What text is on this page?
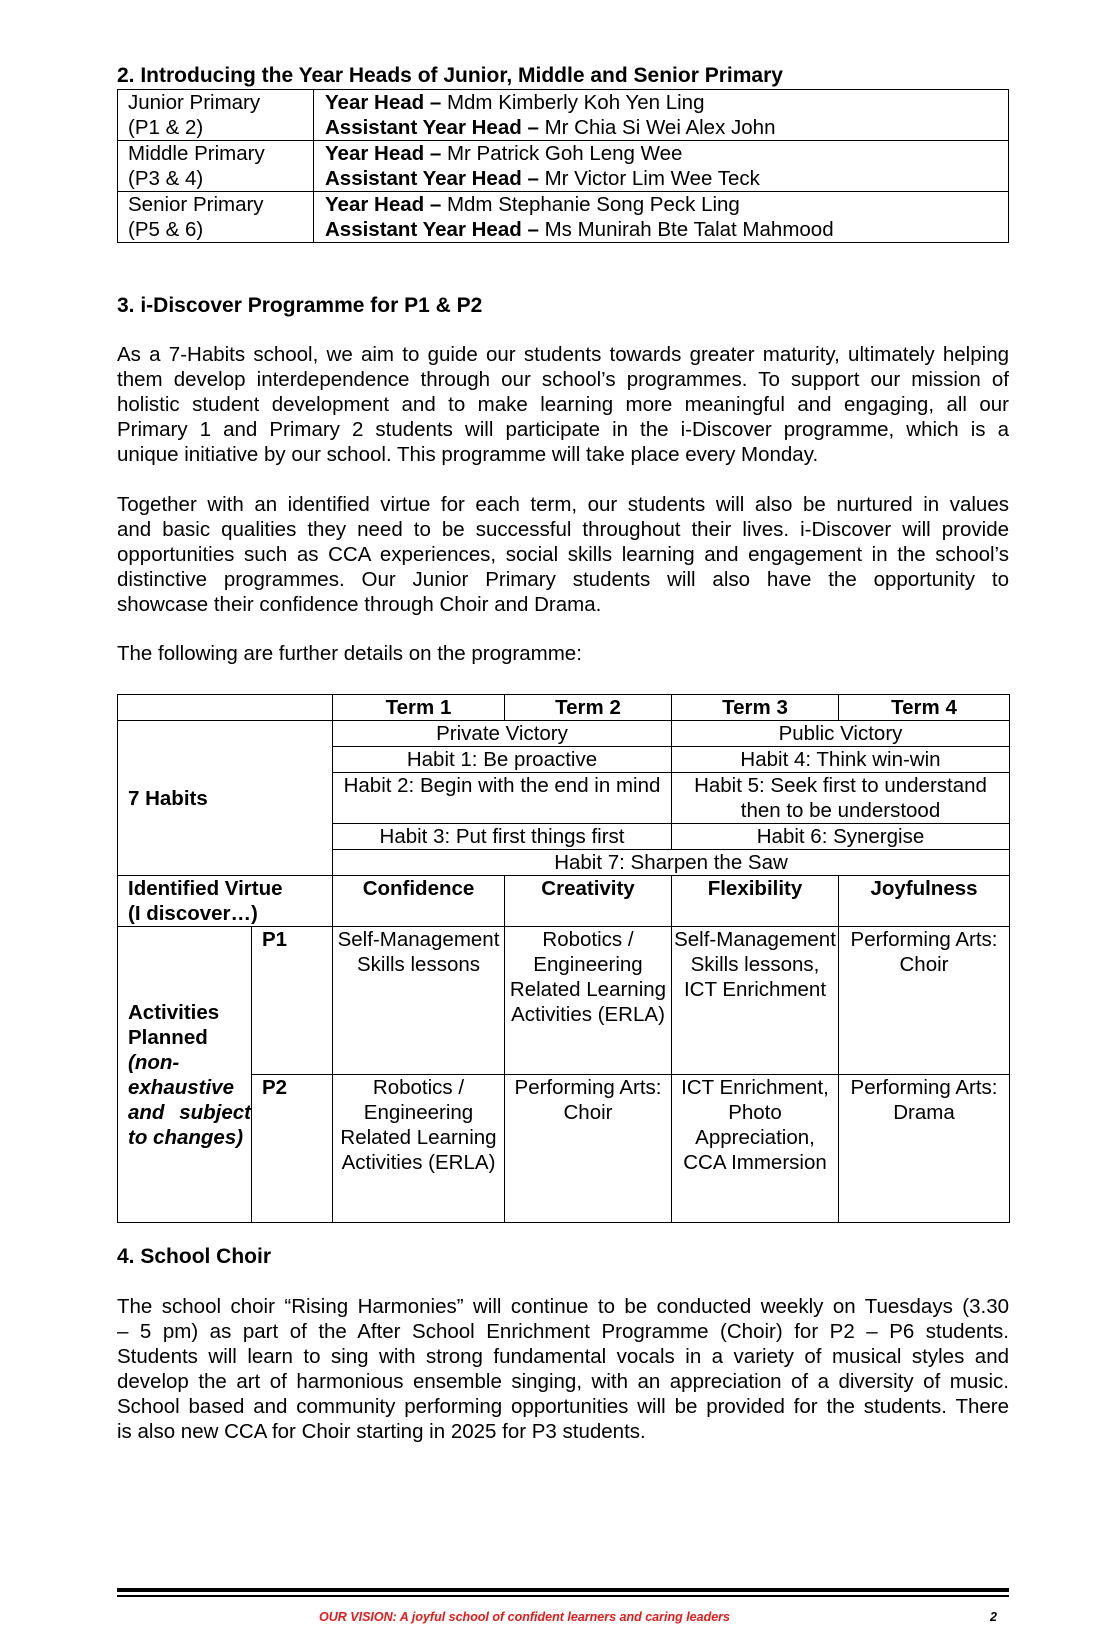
2. Introducing the Year Heads of Junior, Middle and Senior Primary
Junior Primary
(P1 & 2)	Year Head – Mdm Kimberly Koh Yen Ling
Assistant Year Head – Mr Chia Si Wei Alex John

Middle Primary
(P3 & 4)	Year Head – Mr Patrick Goh Leng Wee
Assistant Year Head – Mr Victor Lim Wee Teck

Senior Primary
(P5 & 6)	Year Head – Mdm Stephanie Song Peck Ling
Assistant Year Head – Ms Munirah Bte Talat Mahmood
3. i-Discover Programme for P1 & P2
As a 7-Habits school, we aim to guide our students towards greater maturity, ultimately helping
them develop interdependence through our school’s programmes. To support our mission of
holistic student development and to make learning more meaningful and engaging, all our
Primary 1 and Primary 2 students will participate in the i-Discover programme, which is a
unique initiative by our school. This programme will take place every Monday.
Together with an identified virtue for each term, our students will also be nurtured in values
and basic qualities they need to be successful throughout their lives. i-Discover will provide
opportunities such as CCA experiences, social skills learning and engagement in the school’s
distinctive programmes. Our Junior Primary students will also have the opportunity to
showcase their confidence through Choir and Drama.
The following are further details on the programme:
		Term 1	Term 2	Term 3	Term 4
7 Habits		Private Victory		Public Victory	
		Habit 1: Be proactive		Habit 4: Think win-win	
		Habit 2: Begin with the end in mind		Habit 5: Seek first to understand then to be understood	
		Habit 3: Put first things first		Habit 6: Synergise	
		Habit 7: Sharpen the Saw			

Identified Virtue
(I discover…)		Confidence	Creativity	Flexibility	Joyfulness
Activities Planned (non-exhaustive and subject to changes)	P1	Self-Management Skills lessons	Robotics / Engineering Related Learning Activities (ERLA)	Self-Management Skills lessons, ICT Enrichment	Performing Arts: Choir
	P2	Robotics / Engineering Related Learning Activities (ERLA)	Performing Arts: Choir	ICT Enrichment, Photo Appreciation, CCA Immersion	Performing Arts: Drama
4. School Choir
The school choir “Rising Harmonies” will continue to be conducted weekly on Tuesdays (3.30
– 5 pm) as part of the After School Enrichment Programme (Choir) for P2 – P6 students.
Students will learn to sing with strong fundamental vocals in a variety of musical styles and
develop the art of harmonious ensemble singing, with an appreciation of a diversity of music.
School based and community performing opportunities will be provided for the students. There
is also new CCA for Choir starting in 2025 for P3 students.
OUR VISION: A joyful school of confident learners and caring leaders	2
